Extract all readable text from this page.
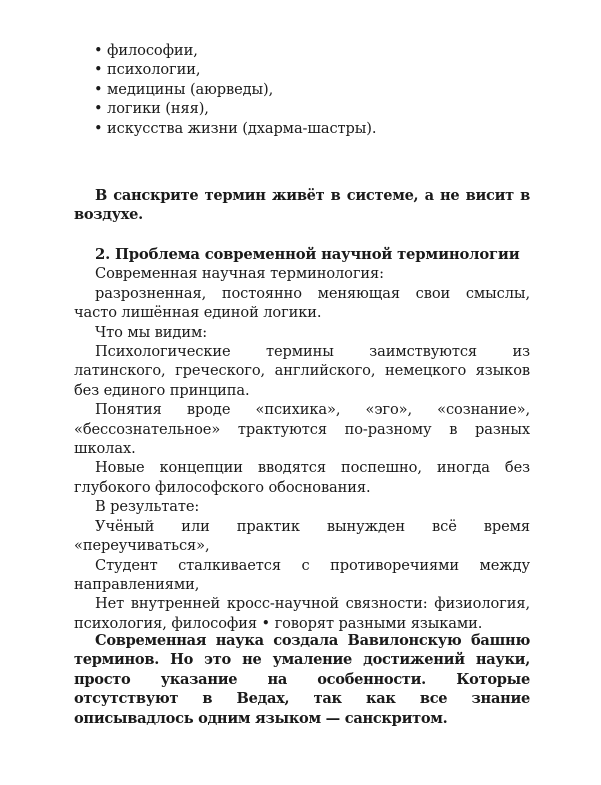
• философии,
• психологии,
• медицины (аюрведы),
• логики (няя),
• искусства жизни (дхарма-шастры).

В санскрите термин живёт в системе, а не висит в воздухе.

2. Проблема современной научной терминологии

Современная научная терминология:

разрозненная, постоянно меняющая свои смыслы, часто лишённая единой логики.

Что мы видим:

Психологические термины заимствуются из латинского, греческого, английского, немецкого языков без единого принципа.

Понятия вроде «психика», «эго», «сознание», «бессознательное» трактуются по-разному в разных школах.

Новые концепции вводятся поспешно, иногда без глубокого философского обоснования.

В результате:

Учёный или практик вынужден всё время «переучиваться»,

Студент сталкивается с противоречиями между направлениями,

Нет внутренней кросс-научной связности: физиология, психология, философия • говорят разными языками.

Современная наука создала Вавилонскую башню терминов. Но это не умаление достижений науки, просто указание на особенности. Которые отсутствуют в Ведах, так как все знание описывадлось одним языком — санскритом.
